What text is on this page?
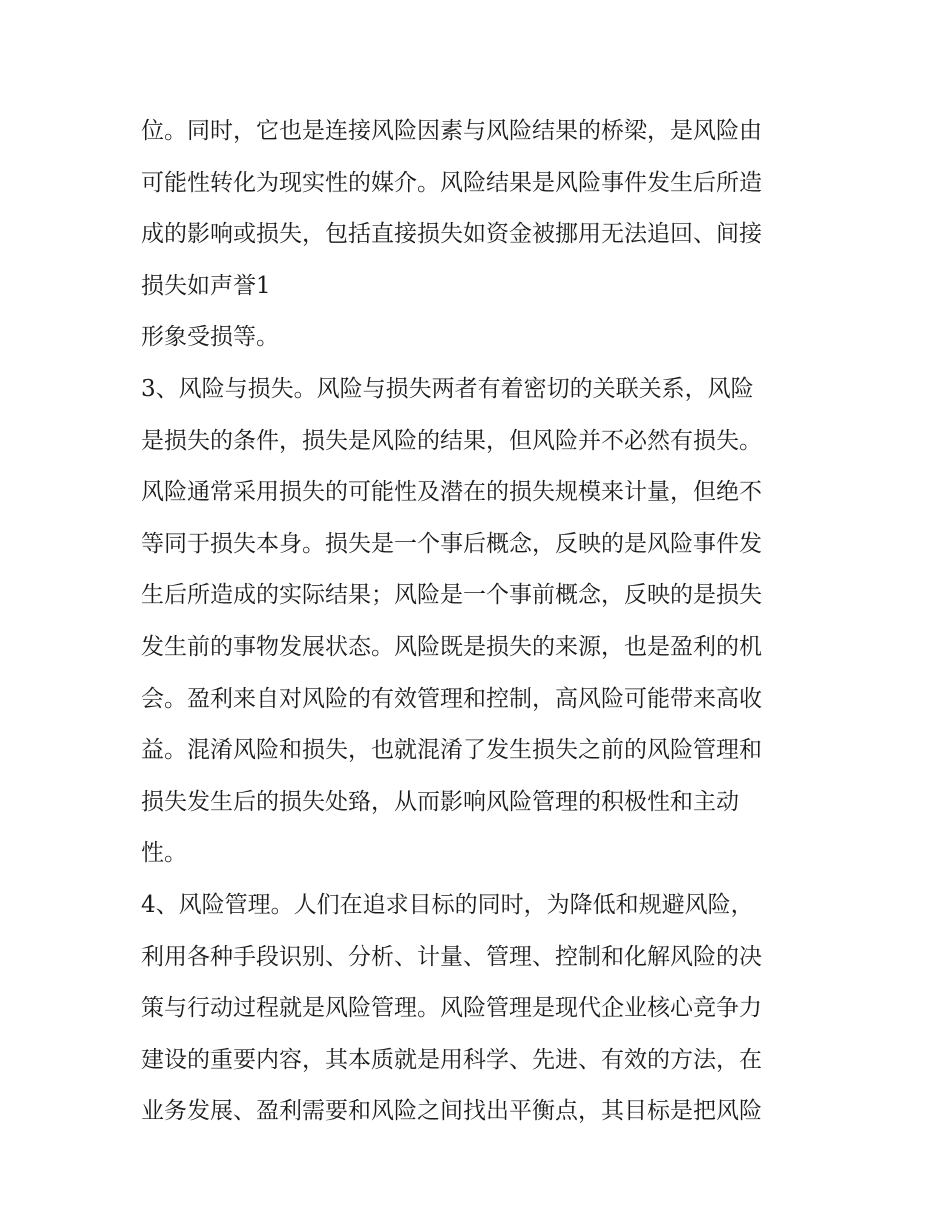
位。同时，它也是连接风险因素与风险结果的桥梁，是风险由
可能性转化为现实性的媒介。风险结果是风险事件发生后所造
成的影响或损失，包括直接损失如资金被挪用无法追回、间接
损失如声誉1
形象受损等。
3、风险与损失。风险与损失两者有着密切的关联关系，风险
是损失的条件，损失是风险的结果，但风险并不必然有损失。
风险通常采用损失的可能性及潜在的损失规模来计量，但绝不
等同于损失本身。损失是一个事后概念，反映的是风险事件发
生后所造成的实际结果；风险是一个事前概念，反映的是损失
发生前的事物发展状态。风险既是损失的来源，也是盈利的机
会。盈利来自对风险的有效管理和控制，高风险可能带来高收
益。混淆风险和损失，也就混淆了发生损失之前的风险管理和
损失发生后的损失处臵，从而影响风险管理的积极性和主动
性。
4、风险管理。人们在追求目标的同时，为降低和规避风险，
利用各种手段识别、分析、计量、管理、控制和化解风险的决
策与行动过程就是风险管理。风险管理是现代企业核心竞争力
建设的重要内容，其本质就是用科学、先进、有效的方法，在
业务发展、盈利需要和风险之间找出平衡点，其目标是把风险
